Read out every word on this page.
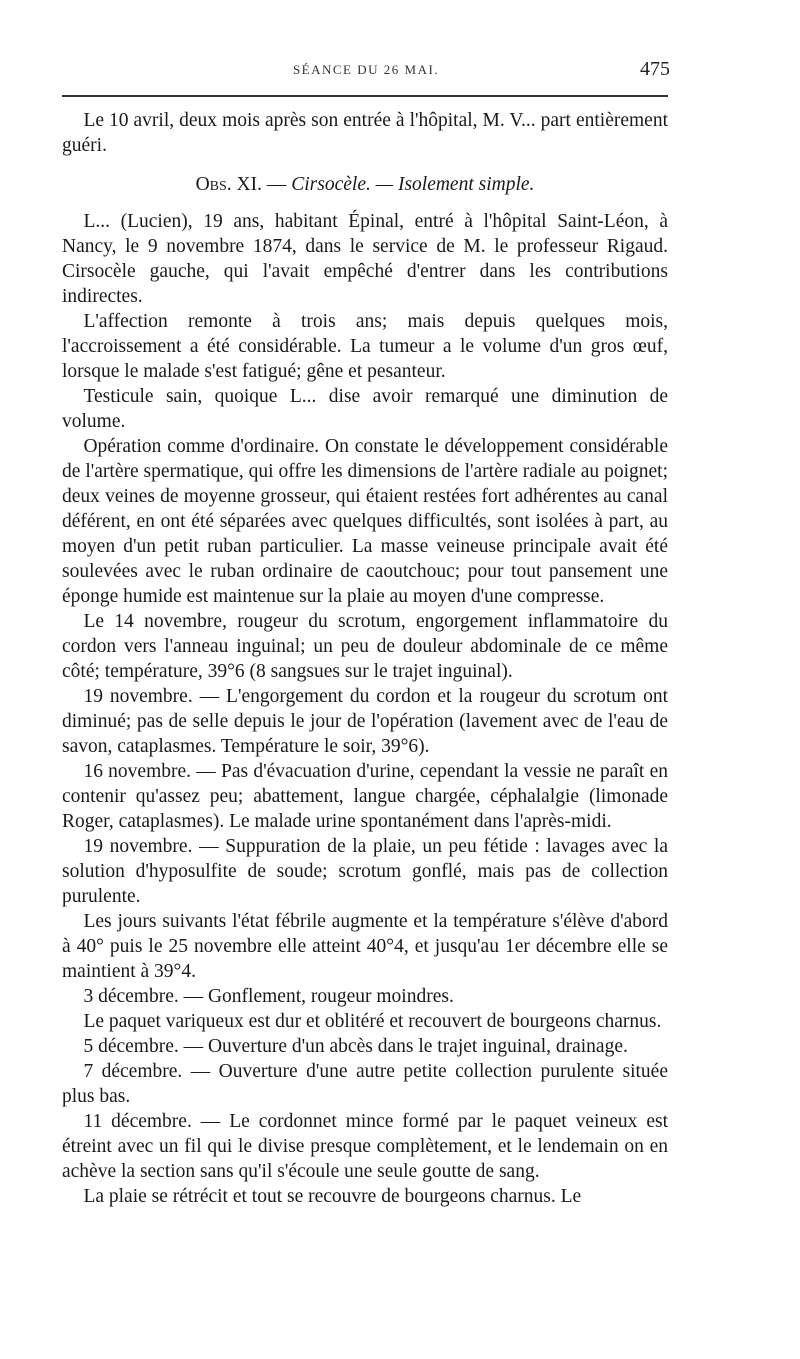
SÉANCE DU 26 MAI.	475

Le 10 avril, deux mois après son entrée à l'hôpital, M. V... part entièrement guéri.

Obs. XI. — Cirsocèle. — Isolement simple.

L... (Lucien), 19 ans, habitant Épinal, entré à l'hôpital Saint-Léon, à Nancy, le 9 novembre 1874, dans le service de M. le professeur Rigaud. Cirsocèle gauche, qui l'avait empêché d'entrer dans les contributions indirectes.

L'affection remonte à trois ans; mais depuis quelques mois, l'accroissement a été considérable. La tumeur a le volume d'un gros œuf, lorsque le malade s'est fatigué; gêne et pesanteur.

Testicule sain, quoique L... dise avoir remarqué une diminution de volume.

Opération comme d'ordinaire. On constate le développement considérable de l'artère spermatique, qui offre les dimensions de l'artère radiale au poignet; deux veines de moyenne grosseur, qui étaient restées fort adhérentes au canal déférent, en ont été séparées avec quelques difficultés, sont isolées à part, au moyen d'un petit ruban particulier. La masse veineuse principale avait été soulevées avec le ruban ordinaire de caoutchouc; pour tout pansement une éponge humide est maintenue sur la plaie au moyen d'une compresse.

Le 14 novembre, rougeur du scrotum, engorgement inflammatoire du cordon vers l'anneau inguinal; un peu de douleur abdominale de ce même côté; température, 39°6 (8 sangsues sur le trajet inguinal).

19 novembre. — L'engorgement du cordon et la rougeur du scrotum ont diminué; pas de selle depuis le jour de l'opération (lavement avec de l'eau de savon, cataplasmes. Température le soir, 39°6).

16 novembre. — Pas d'évacuation d'urine, cependant la vessie ne paraît en contenir qu'assez peu; abattement, langue chargée, céphalalgie (limonade Roger, cataplasmes). Le malade urine spontanément dans l'après-midi.

19 novembre. — Suppuration de la plaie, un peu fétide : lavages avec la solution d'hyposulfite de soude; scrotum gonflé, mais pas de collection purulente.

Les jours suivants l'état fébrile augmente et la température s'élève d'abord à 40° puis le 25 novembre elle atteint 40°4, et jusqu'au 1er décembre elle se maintient à 39°4.

3 décembre. — Gonflement, rougeur moindres.

Le paquet variqueux est dur et oblitéré et recouvert de bourgeons charnus.

5 décembre. — Ouverture d'un abcès dans le trajet inguinal, drainage.

7 décembre. — Ouverture d'une autre petite collection purulente située plus bas.

11 décembre. — Le cordonnet mince formé par le paquet veineux est étreint avec un fil qui le divise presque complètement, et le lendemain on en achève la section sans qu'il s'écoule une seule goutte de sang.

La plaie se rétrécit et tout se recouvre de bourgeons charnus. Le
